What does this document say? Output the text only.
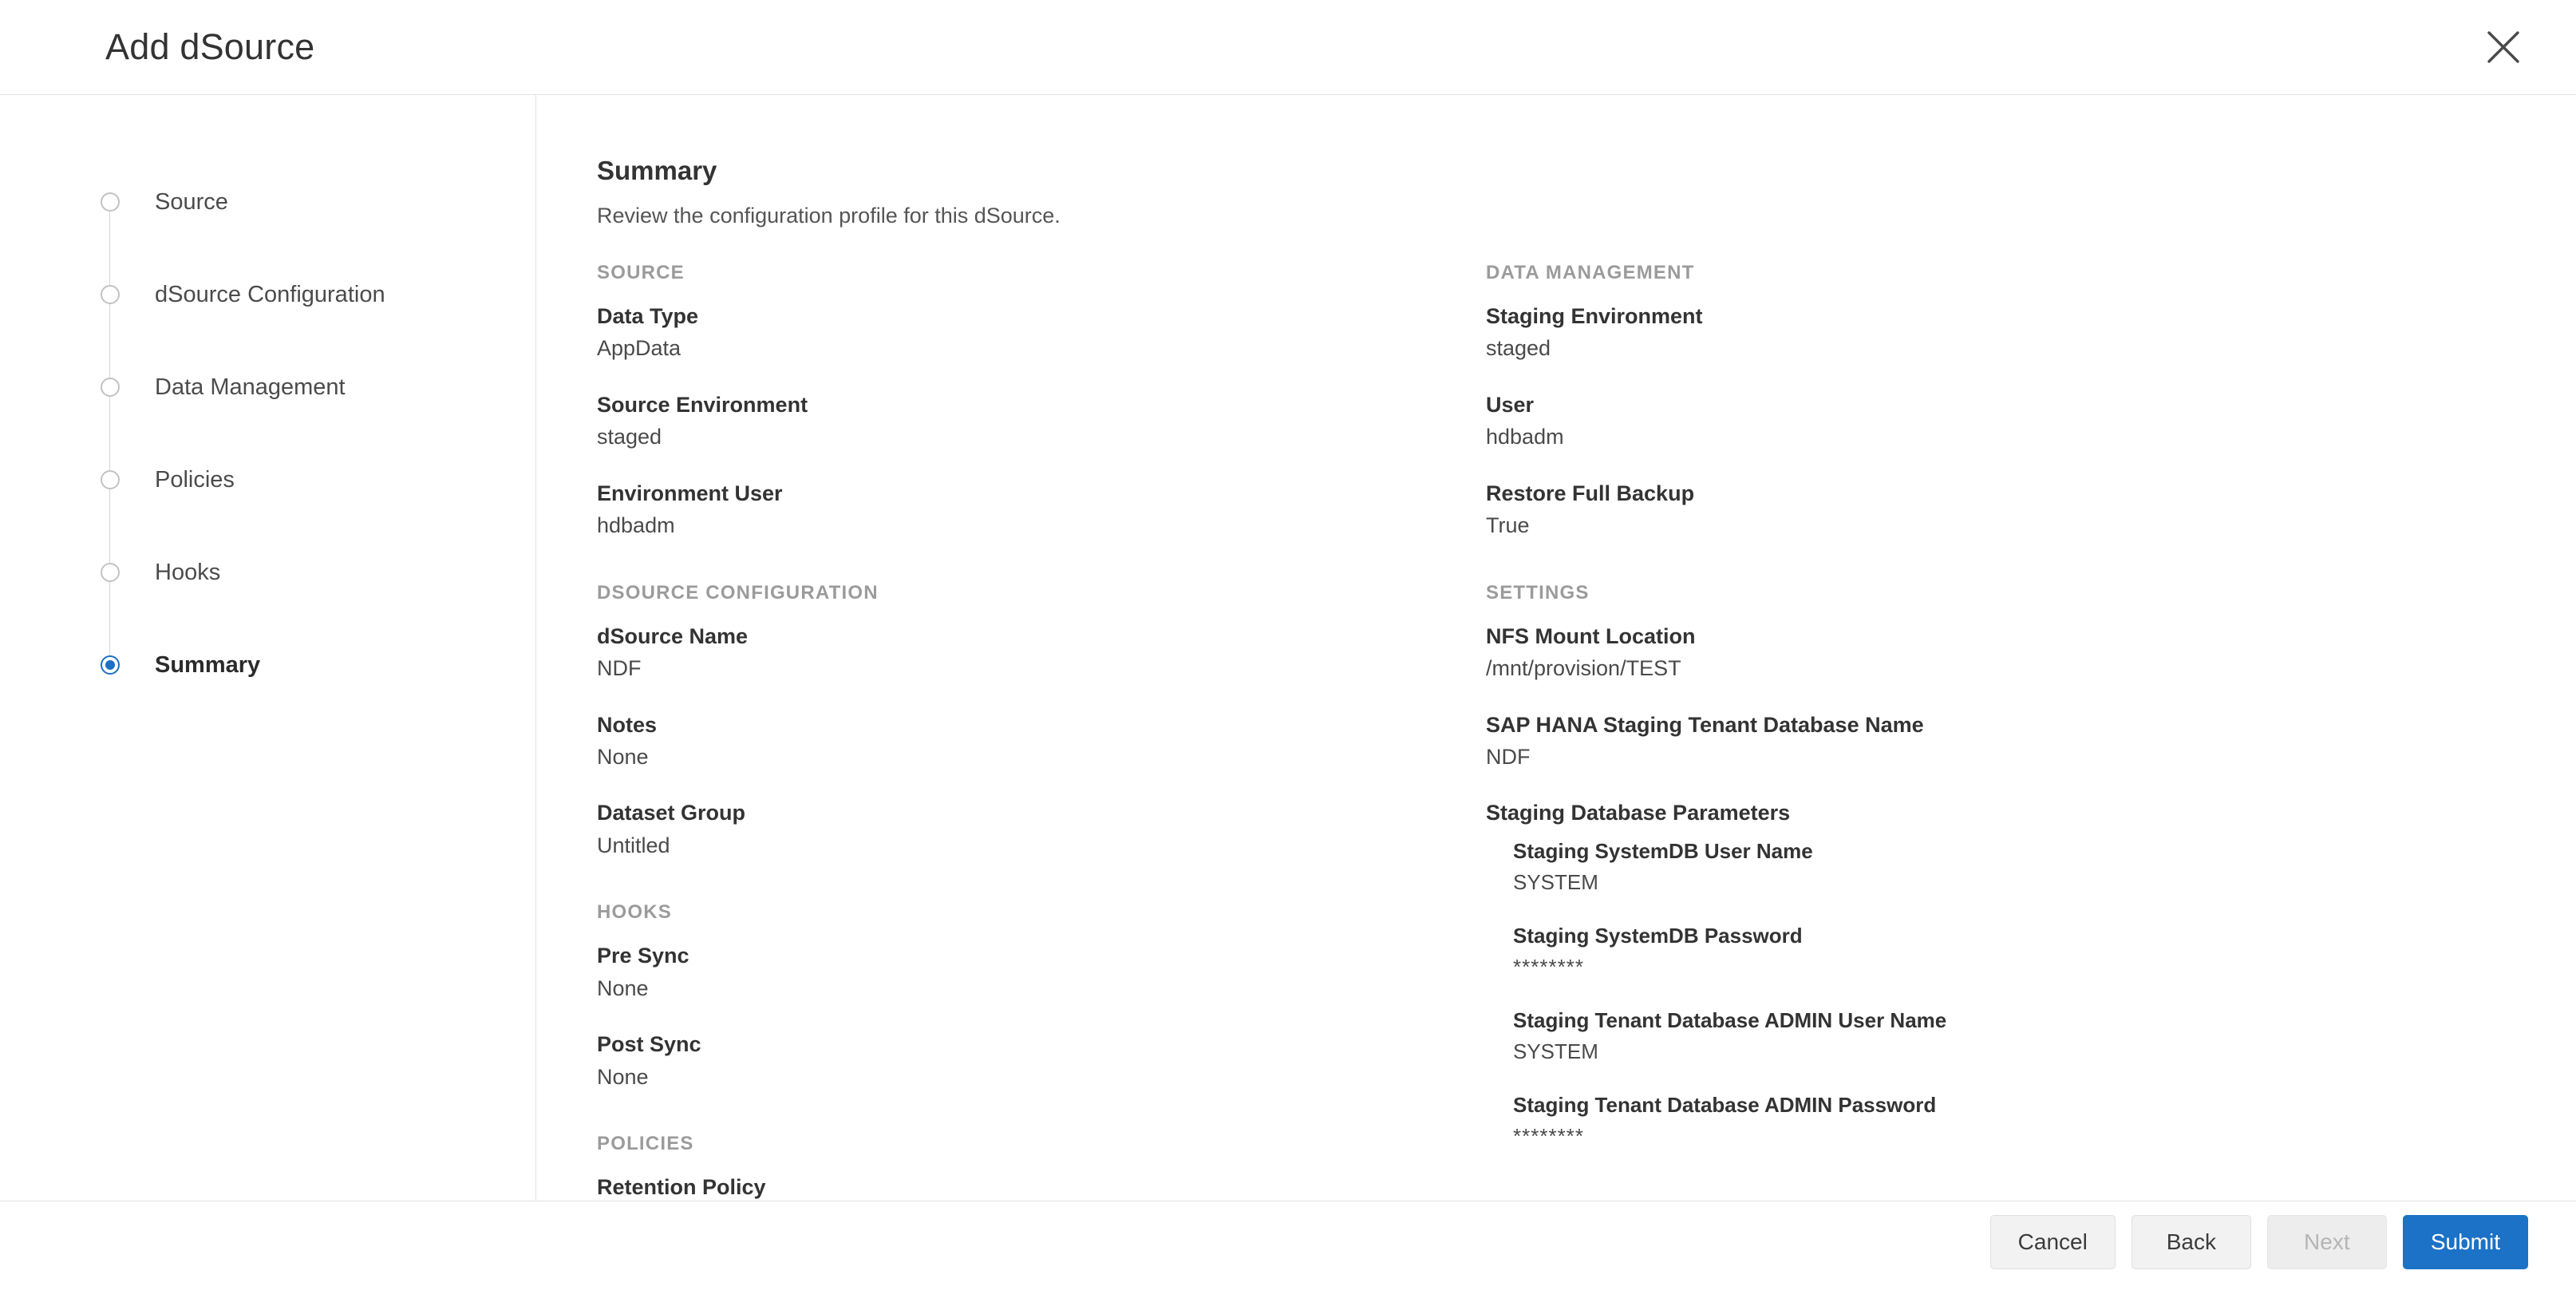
Add dSource
Source
dSource Configuration
Data Management
Policies
Hooks
Summary
Summary
Review the configuration profile for this dSource.
SOURCE
Data Type
AppData
Source Environment
staged
Environment User
hdbadm
DSOURCE CONFIGURATION
dSource Name
NDF
Notes
None
Dataset Group
Untitled
HOOKS
Pre Sync
None
Post Sync
None
POLICIES
Retention Policy
DATA MANAGEMENT
Staging Environment
staged
User
hdbadm
Restore Full Backup
True
SETTINGS
NFS Mount Location
/mnt/provision/TEST
SAP HANA Staging Tenant Database Name
NDF
Staging Database Parameters
Staging SystemDB User Name
SYSTEM
Staging SystemDB Password
********
Staging Tenant Database ADMIN User Name
SYSTEM
Staging Tenant Database ADMIN Password
********
Cancel	Back	Next	Submit
